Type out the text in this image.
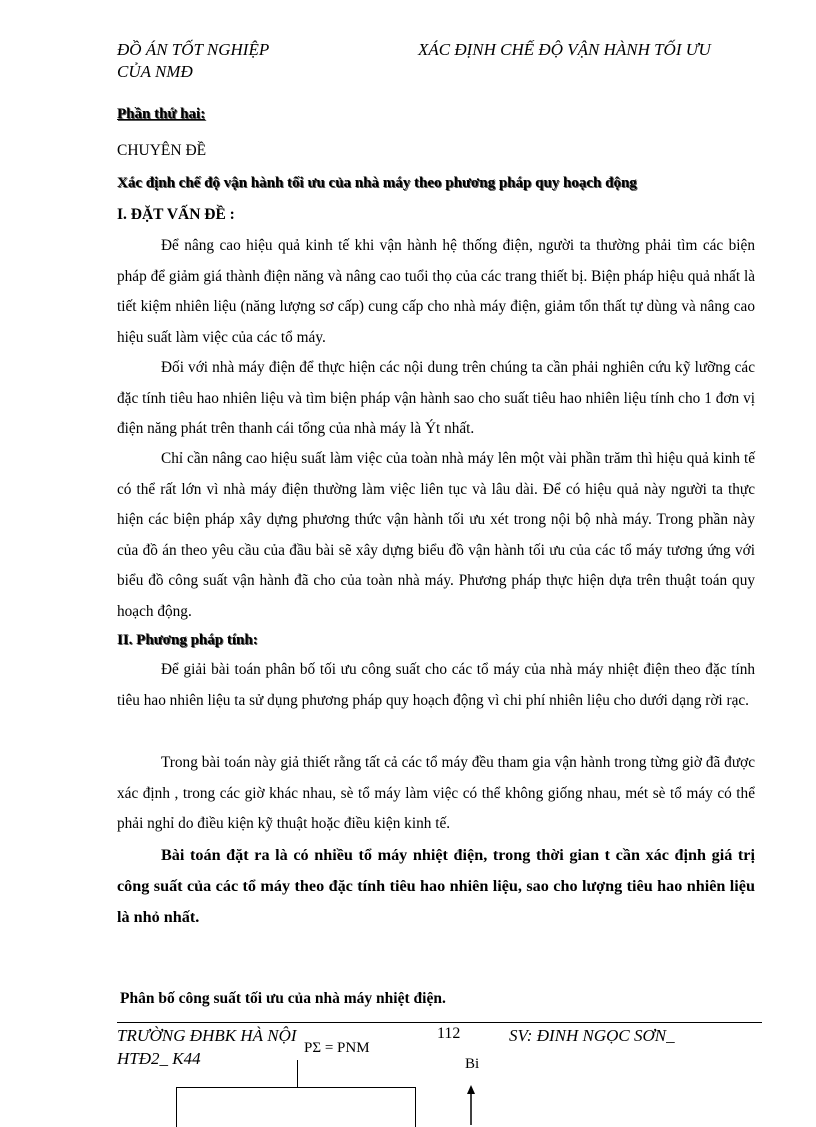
ĐỒ ÁN TỐT NGHIỆP
CỦA NMĐ
XÁC ĐỊNH CHẾ ĐỘ VẬN HÀNH TỐI ƯU
Phần thứ hai:
CHUYÊN ĐỀ
Xác định chế độ vận hành tối ưu của nhà máy theo phương pháp quy hoạch động
I. ĐẶT VẤN ĐỀ :
Để nâng cao hiệu quả kinh tế khi vận hành hệ thống điện, người ta thường phải tìm các biện pháp để giảm giá thành điện năng và nâng cao tuổi thọ của các trang thiết bị. Biện pháp hiệu quả nhất là tiết kiệm nhiên liệu (năng lượng sơ cấp) cung cấp cho nhà máy điện, giảm tổn thất tự dùng và nâng cao hiệu suất làm việc của các tổ máy.
Đối với nhà máy điện để thực hiện các nội dung trên chúng ta cần phải nghiên cứu kỹ lưỡng các đặc tính tiêu hao nhiên liệu và tìm biện pháp vận hành sao cho suất tiêu hao nhiên liệu tính cho 1 đơn vị điện năng phát trên thanh cái tổng của nhà máy là Ýt nhất.
Chỉ cần nâng cao hiệu suất làm việc của toàn nhà máy lên một vài phần trăm thì hiệu quả kinh tế có thể rất lớn vì nhà máy điện thường làm việc liên tục và lâu dài. Để có hiệu quả này người ta thực hiện các biện pháp xây dựng phương thức vận hành tối ưu xét trong nội bộ nhà máy. Trong phần này của đồ án theo yêu cầu của đầu bài sẽ xây dựng biểu đồ vận hành tối ưu của các tổ máy tương ứng với biểu đồ công suất vận hành đã cho của toàn nhà máy. Phương pháp thực hiện dựa trên thuật toán quy hoạch động.
II. Phương pháp tính:
Để giải bài toán phân bố tối ưu công suất cho các tổ máy của nhà máy nhiệt điện theo đặc tính tiêu hao nhiên liệu ta sử dụng phương pháp quy hoạch động vì chi phí nhiên liệu cho dưới dạng rời rạc.
Trong bài toán này giả thiết rằng tất cả các tổ máy đều tham gia vận hành trong từng giờ đã được xác định , trong các giờ khác nhau, sè tổ máy làm việc có thể không giống nhau, mét sè tổ máy có thể phải nghỉ do điều kiện kỹ thuật hoặc điều kiện kinh tế.
Bài toán đặt ra là có nhiều tổ máy nhiệt điện, trong thời gian t cần xác định giá trị công suất của các tổ máy theo đặc tính tiêu hao nhiên liệu, sao cho lượng tiêu hao nhiên liệu là nhỏ nhất.
Phân bố công suất tối ưu của nhà máy nhiệt điện.
TRƯỜNG ĐHBK HÀ NỘI
HTĐ2_ K44
112	SV: ĐINH NGỌC SƠN_
PΣ = PNM
Bi
